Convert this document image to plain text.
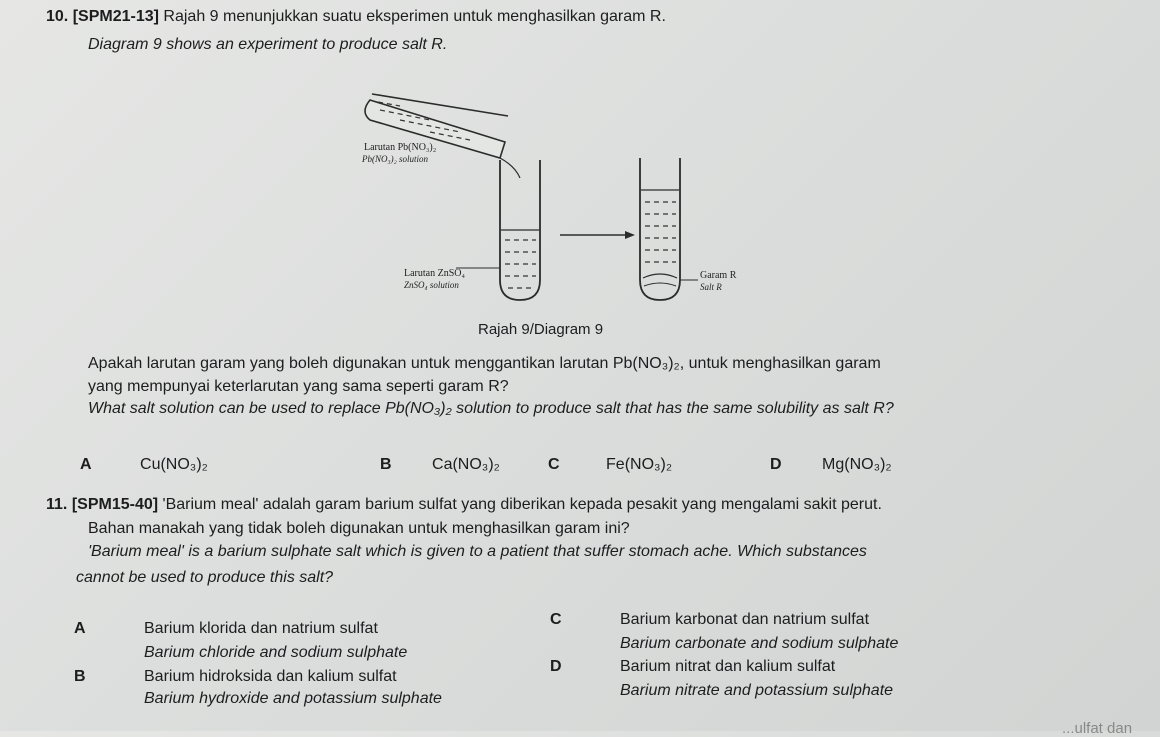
10. [SPM21-13] Rajah 9 menunjukkan suatu eksperimen untuk menghasilkan garam R.
Diagram 9 shows an experiment to produce salt R.
Larutan Pb(NO₃)₂
Pb(NO₃)₂ solution
Larutan ZnSO₄
ZnSO₄ solution
Garam R
Salt R
Rajah 9/Diagram 9
Apakah larutan garam yang boleh digunakan untuk menggantikan larutan Pb(NO₃)₂, untuk menghasilkan garam
yang mempunyai keterlarutan yang sama seperti garam R?
What salt solution can be used to replace Pb(NO₃)₂ solution to produce salt that has the same solubility as salt R?
A	Cu(NO₃)₂	B	Ca(NO₃)₂	C	Fe(NO₃)₂	D	Mg(NO₃)₂
11. [SPM15-40] 'Barium meal' adalah garam barium sulfat yang diberikan kepada pesakit yang mengalami sakit perut.
Bahan manakah yang tidak boleh digunakan untuk menghasilkan garam ini?
'Barium meal' is a barium sulphate salt which is given to a patient that suffer stomach ache. Which substances
cannot be used to produce this salt?
A	Barium klorida dan natrium sulfat
Barium chloride and sodium sulphate
B	Barium hidroksida dan kalium sulfat
Barium hydroxide and potassium sulphate
C	Barium karbonat dan natrium sulfat
Barium carbonate and sodium sulphate
D	Barium nitrat dan kalium sulfat
Barium nitrate and potassium sulphate
...ulfat dan
